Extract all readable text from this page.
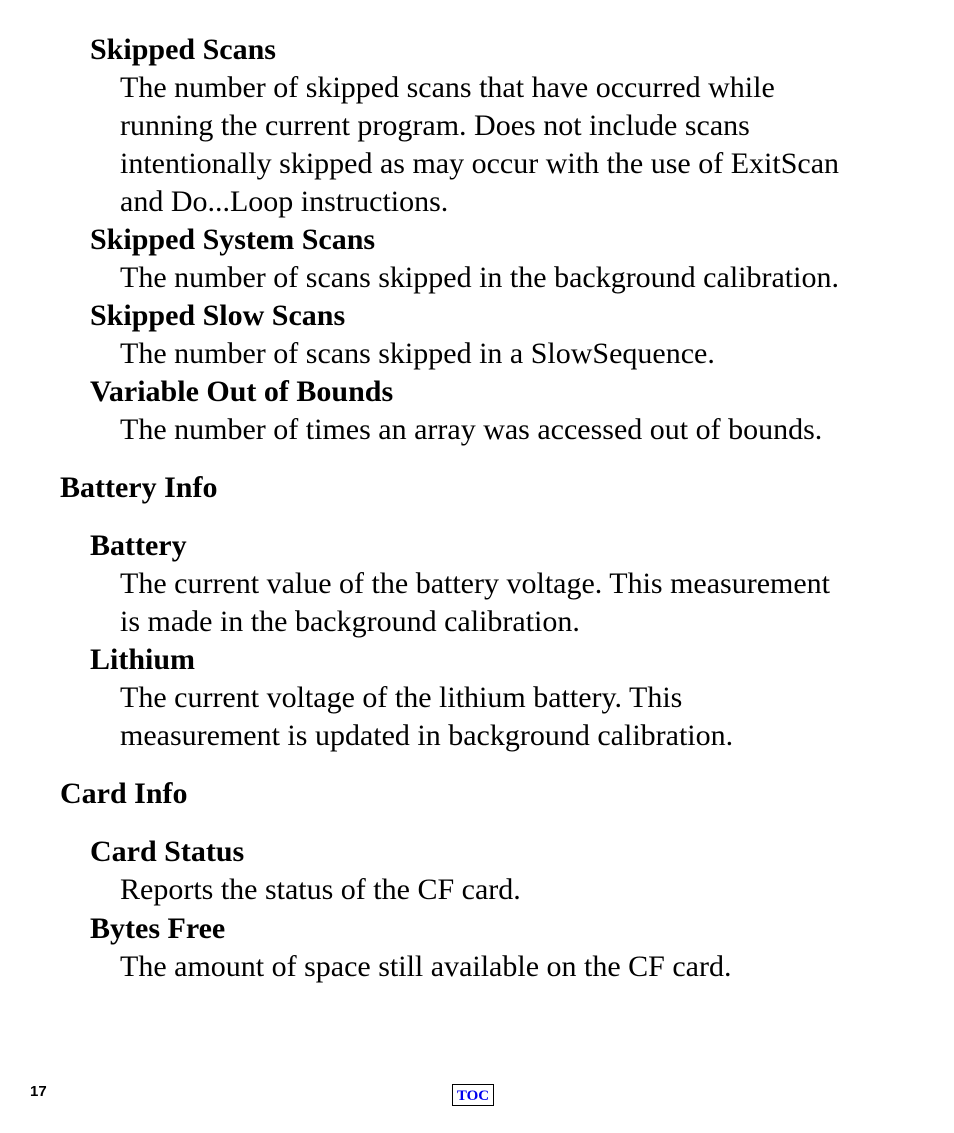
Skipped Scans
The number of skipped scans that have occurred while
running the current program. Does not include scans
intentionally skipped as may occur with the use of ExitScan
and Do...Loop instructions.
Skipped System Scans
The number of scans skipped in the background calibration.
Skipped Slow Scans
The number of scans skipped in a SlowSequence.
Variable Out of Bounds
The number of times an array was accessed out of bounds.
Battery Info
Battery
The current value of the battery voltage. This measurement
is made in the background calibration.
Lithium
The current voltage of the lithium battery. This
measurement is updated in background calibration.
Card Info
Card Status
Reports the status of the CF card.
Bytes Free
The amount of space still available on the CF card.
17	TOC
